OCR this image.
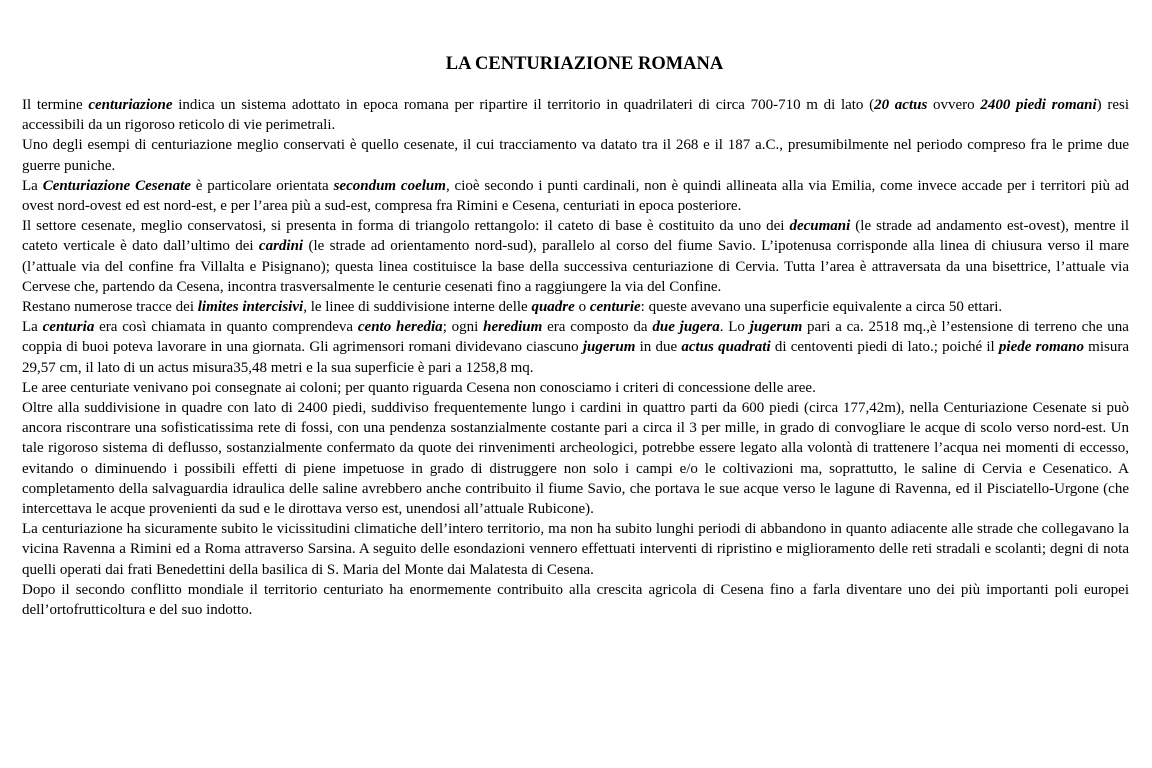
LA CENTURIAZIONE ROMANA

Il termine centuriazione indica un sistema adottato in epoca romana per ripartire il territorio in quadrilateri di circa 700-710 m di lato (20 actus ovvero 2400 piedi romani) resi accessibili da un rigoroso reticolo di vie perimetrali.

Uno degli esempi di centuriazione meglio conservati è quello cesenate, il cui tracciamento va datato tra il 268 e il 187 a.C., presumibilmente nel periodo compreso fra le prime due guerre puniche.

La Centuriazione Cesenate è particolare orientata secondum coelum, cioè secondo i punti cardinali, non è quindi allineata alla via Emilia, come invece accade per i territori più ad ovest nord-ovest ed est nord-est, e per l’area più a sud-est, compresa fra Rimini e Cesena, centuriati in epoca posteriore.

Il settore cesenate, meglio conservatosi, si presenta in forma di triangolo rettangolo: il cateto di base è costituito da uno dei decumani (le strade ad andamento est-ovest), mentre il cateto verticale è dato dall’ultimo dei cardini (le strade ad orientamento nord-sud), parallelo al corso del fiume Savio. L’ipotenusa corrisponde alla linea di chiusura verso il mare (l’attuale via del confine fra Villalta e Pisignano); questa linea costituisce la base della successiva centuriazione di Cervia. Tutta l’area è attraversata da una bisettrice, l’attuale via Cervese che, partendo da Cesena, incontra trasversalmente le centurie cesenati fino a raggiungere la via del Confine.

Restano numerose tracce dei limites intercisivi, le linee di suddivisione interne delle quadre o centurie: queste avevano una superficie equivalente a circa 50 ettari.

La centuria era così chiamata in quanto comprendeva cento heredia; ogni heredium era composto da due jugera. Lo jugerum pari a ca. 2518 mq.,è l’estensione di terreno che una coppia di buoi poteva lavorare in una giornata. Gli agrimensori romani dividevano ciascuno jugerum in due actus quadrati di centoventi piedi di lato.; poiché il piede romano misura 29,57 cm, il lato di un actus misura35,48 metri e la sua superficie è pari a 1258,8 mq.

Le aree centuriate venivano poi consegnate ai coloni; per quanto riguarda Cesena non conosciamo i criteri di concessione delle aree.

Oltre alla suddivisione in quadre con lato di 2400 piedi, suddiviso frequentemente lungo i cardini in quattro parti da 600 piedi (circa 177,42m), nella Centuriazione Cesenate si può ancora riscontrare una sofisticatissima rete di fossi, con una pendenza sostanzialmente costante pari a circa il 3 per mille, in grado di convogliare le acque di scolo verso nord-est. Un tale rigoroso sistema di deflusso, sostanzialmente confermato da quote dei rinvenimenti archeologici, potrebbe essere legato alla volontà di trattenere l’acqua nei momenti di eccesso, evitando o diminuendo i possibili effetti di piene impetuose in grado di distruggere non solo i campi e/o le coltivazioni ma, soprattutto, le saline di Cervia e Cesenatico. A completamento della salvaguardia idraulica delle saline avrebbero anche contribuito il fiume Savio, che portava le sue acque verso le lagune di Ravenna, ed il Pisciatello-Urgone (che intercettava le acque provenienti da sud e le dirottava verso est, unendosi all’attuale Rubicone).

La centuriazione ha sicuramente subito le vicissitudini climatiche dell’intero territorio, ma non ha subito lunghi periodi di abbandono in quanto adiacente alle strade che collegavano la vicina Ravenna a Rimini ed a Roma attraverso Sarsina. A seguito delle esondazioni vennero effettuati interventi di ripristino e miglioramento delle reti stradali e scolanti; degni di nota quelli operati dai frati Benedettini della basilica di S. Maria del Monte dai Malatesta di Cesena.

Dopo il secondo conflitto mondiale il territorio centuriato ha enormemente contribuito alla crescita agricola di Cesena fino a farla diventare uno dei più importanti poli europei dell’ortofrutticoltura e del suo indotto.
